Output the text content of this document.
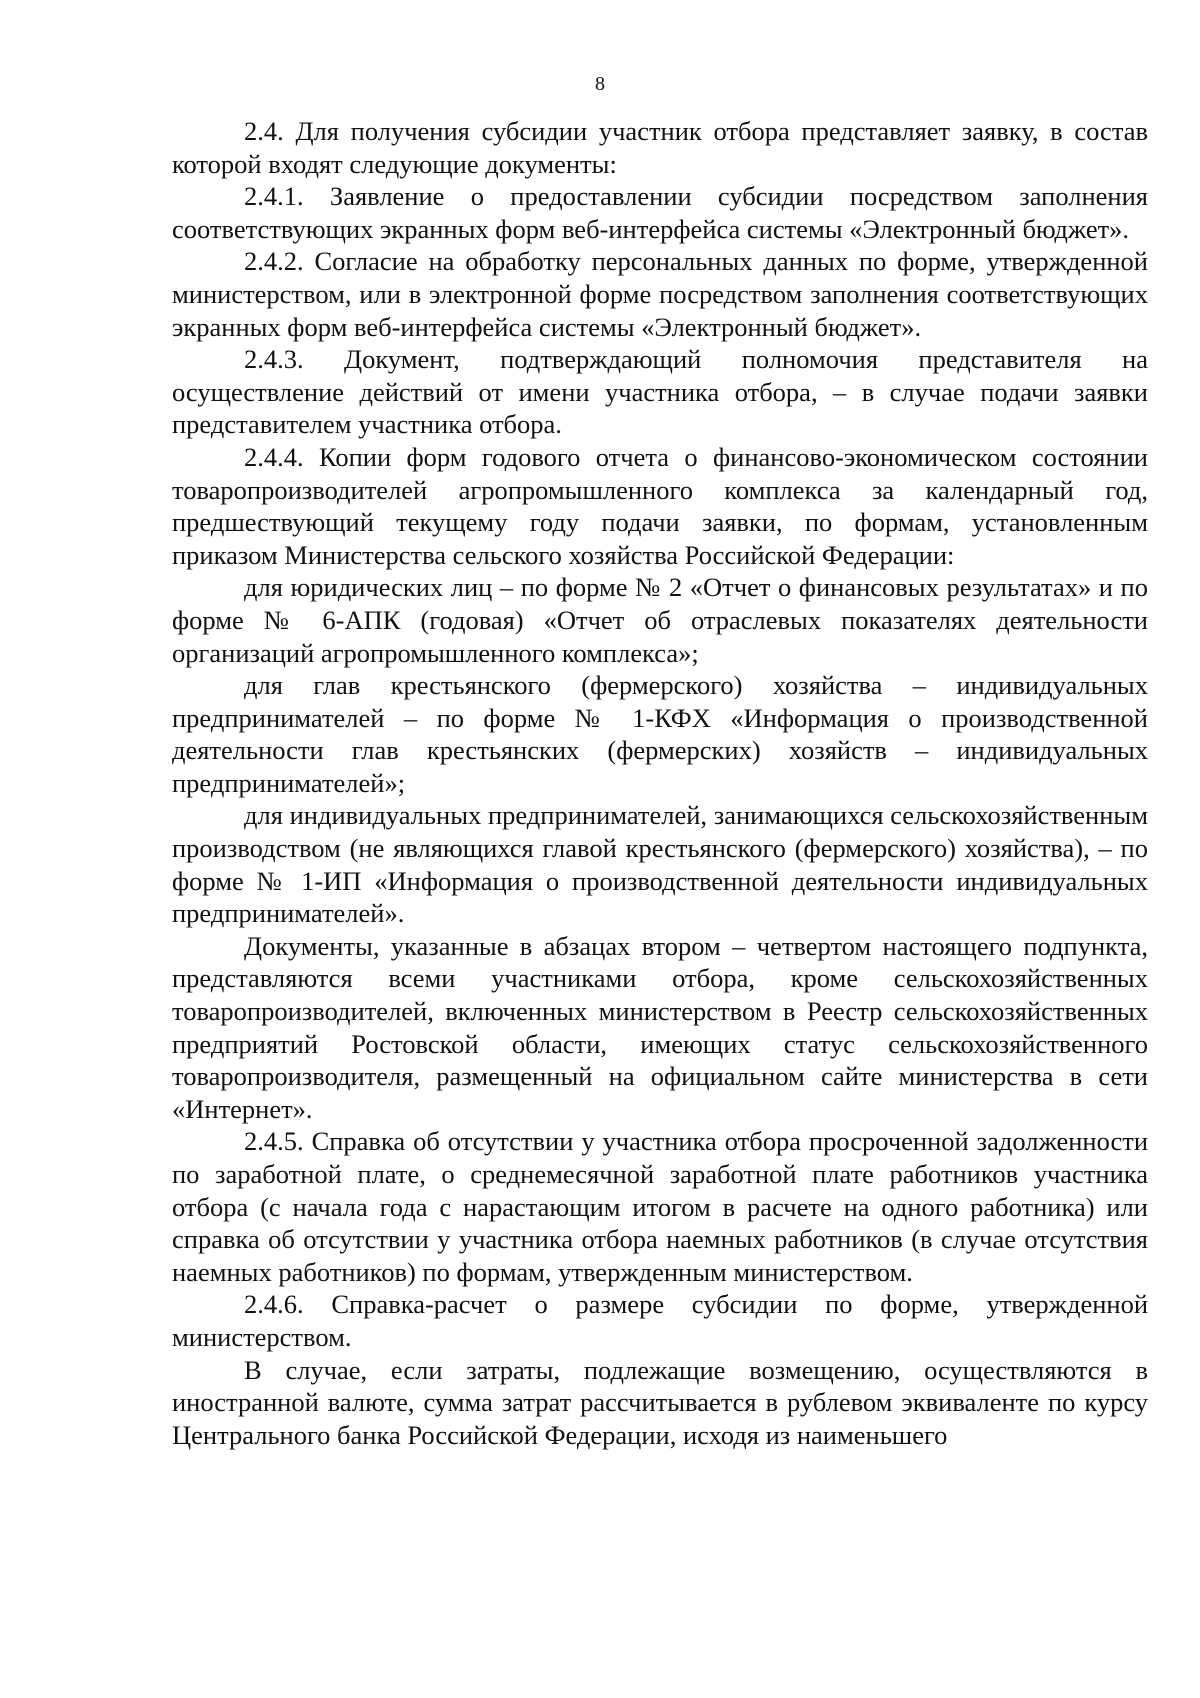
8

2.4. Для получения субсидии участник отбора представляет заявку, в состав которой входят следующие документы:

2.4.1. Заявление о предоставлении субсидии посредством заполнения соответствующих экранных форм веб-интерфейса системы «Электронный бюджет».

2.4.2. Согласие на обработку персональных данных по форме, утвержденной министерством, или в электронной форме посредством заполнения соответствующих экранных форм веб-интерфейса системы «Электронный бюджет».

2.4.3. Документ, подтверждающий полномочия представителя на осуществление действий от имени участника отбора, – в случае подачи заявки представителем участника отбора.

2.4.4. Копии форм годового отчета о финансово-экономическом состоянии товаропроизводителей агропромышленного комплекса за календарный год, предшествующий текущему году подачи заявки, по формам, установленным приказом Министерства сельского хозяйства Российской Федерации:

для юридических лиц – по форме № 2 «Отчет о финансовых результатах» и по форме № 6-АПК (годовая) «Отчет об отраслевых показателях деятельности организаций агропромышленного комплекса»;

для глав крестьянского (фермерского) хозяйства – индивидуальных предпринимателей – по форме № 1-КФХ «Информация о производственной деятельности глав крестьянских (фермерских) хозяйств – индивидуальных предпринимателей»;

для индивидуальных предпринимателей, занимающихся сельскохозяйственным производством (не являющихся главой крестьянского (фермерского) хозяйства), – по форме № 1-ИП «Информация о производственной деятельности индивидуальных предпринимателей».

Документы, указанные в абзацах втором – четвертом настоящего подпункта, представляются всеми участниками отбора, кроме сельскохозяйственных товаропроизводителей, включенных министерством в Реестр сельскохозяйственных предприятий Ростовской области, имеющих статус сельскохозяйственного товаропроизводителя, размещенный на официальном сайте министерства в сети «Интернет».

2.4.5. Справка об отсутствии у участника отбора просроченной задолженности по заработной плате, о среднемесячной заработной плате работников участника отбора (с начала года с нарастающим итогом в расчете на одного работника) или справка об отсутствии у участника отбора наемных работников (в случае отсутствия наемных работников) по формам, утвержденным министерством.

2.4.6. Справка-расчет о размере субсидии по форме, утвержденной министерством.

В случае, если затраты, подлежащие возмещению, осуществляются в иностранной валюте, сумма затрат рассчитывается в рублевом эквиваленте по курсу Центрального банка Российской Федерации, исходя из наименьшего
